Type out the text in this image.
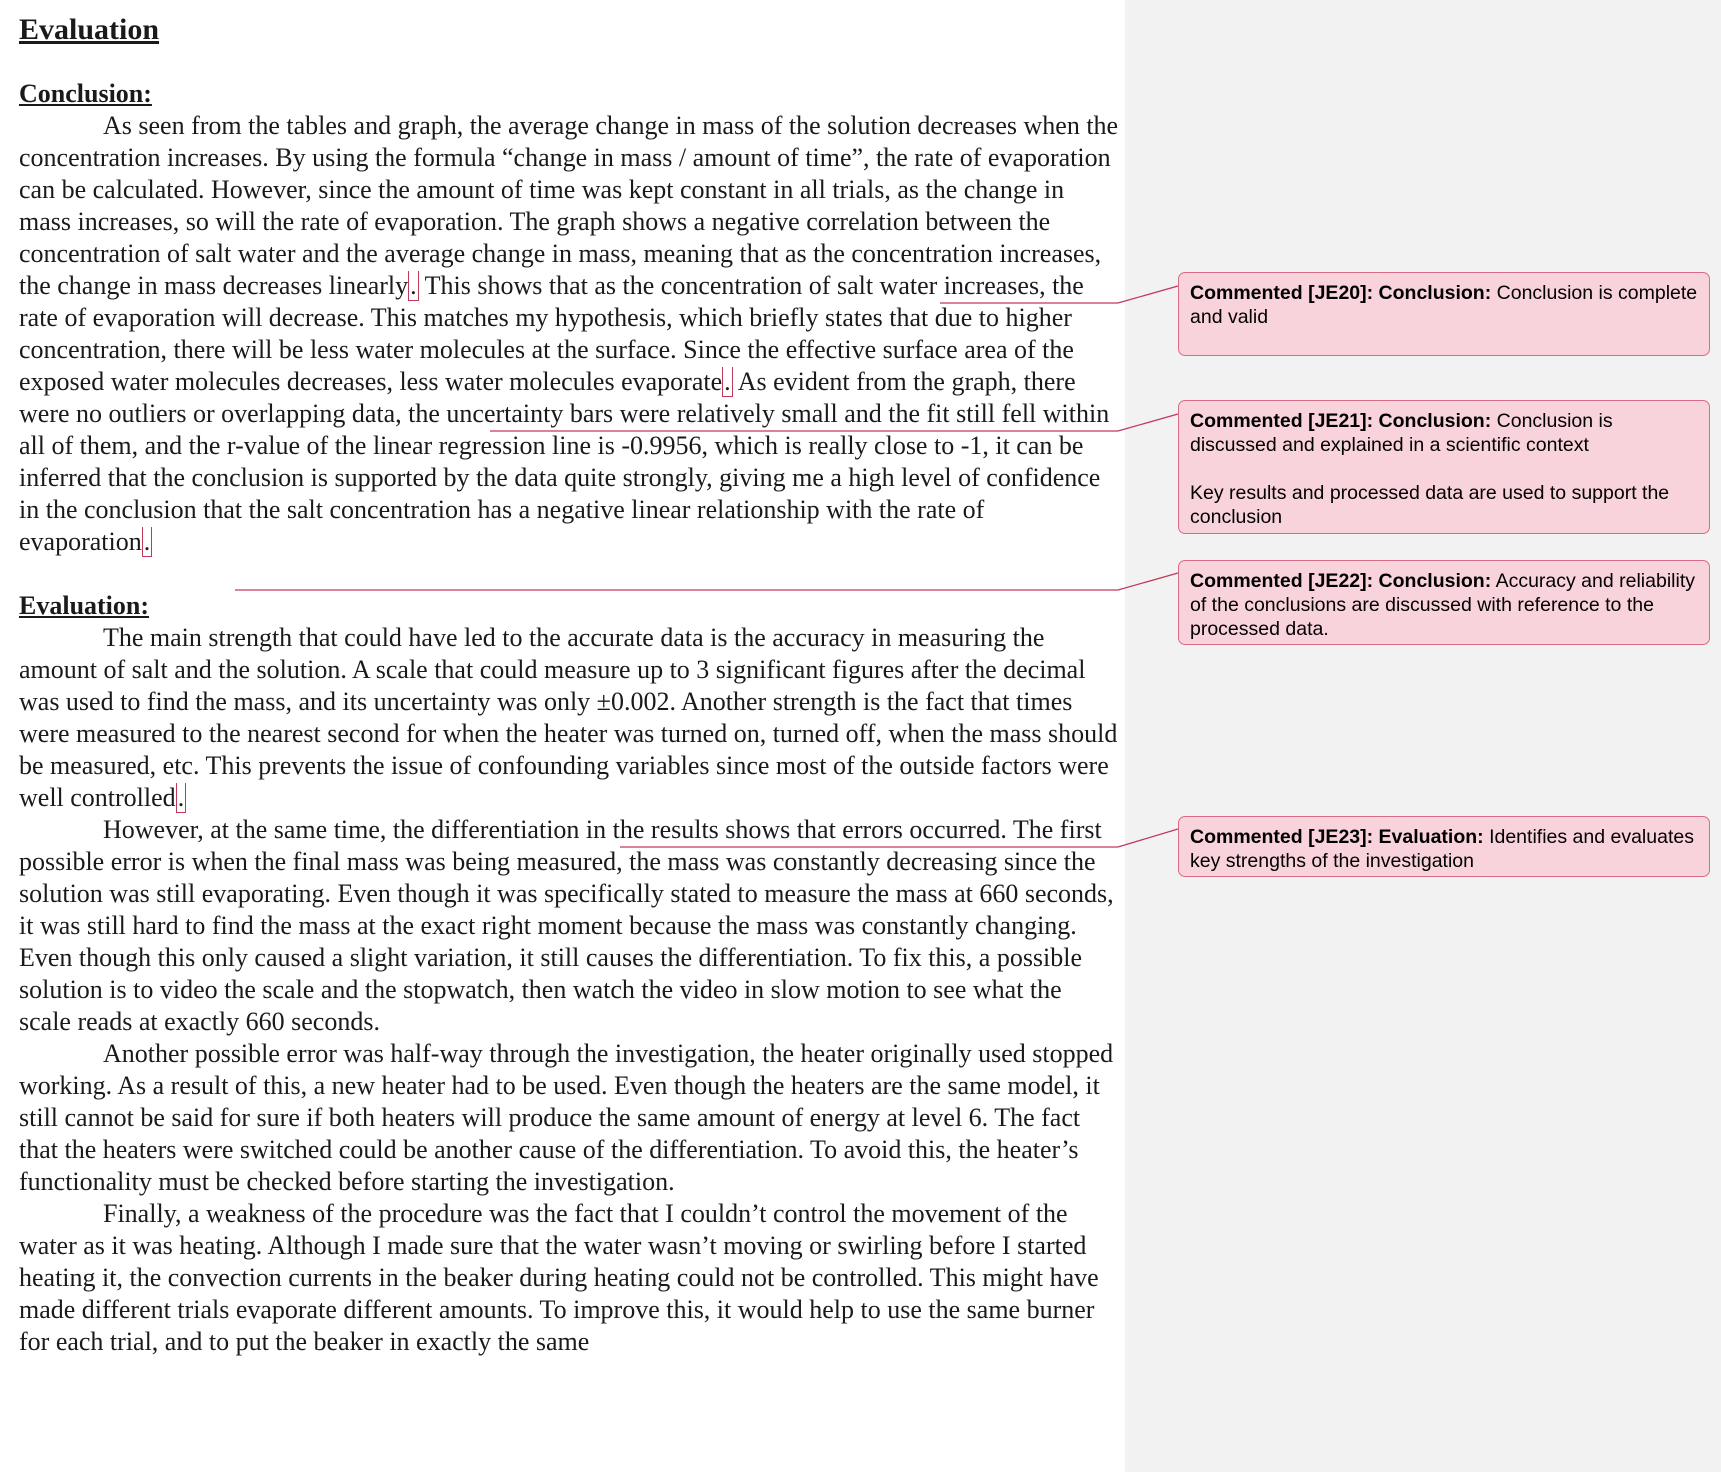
Evaluation
Conclusion:

As seen from the tables and graph, the average change in mass of the solution decreases when the concentration increases. By using the formula “change in mass / amount of time”, the rate of evaporation can be calculated. However, since the amount of time was kept constant in all trials, as the change in mass increases, so will the rate of evaporation. The graph shows a negative correlation between the concentration of salt water and the average change in mass, meaning that as the concentration increases, the change in mass decreases linearly. This shows that as the concentration of salt water increases, the rate of evaporation will decrease. This matches my hypothesis, which briefly states that due to higher concentration, there will be less water molecules at the surface. Since the effective surface area of the exposed water molecules decreases, less water molecules evaporate. As evident from the graph, there were no outliers or overlapping data, the uncertainty bars were relatively small and the fit still fell within all of them, and the r-value of the linear regression line is -0.9956, which is really close to -1, it can be inferred that the conclusion is supported by the data quite strongly, giving me a high level of confidence in the conclusion that the salt concentration has a negative linear relationship with the rate of evaporation.

Evaluation:

The main strength that could have led to the accurate data is the accuracy in measuring the amount of salt and the solution. A scale that could measure up to 3 significant figures after the decimal was used to find the mass, and its uncertainty was only ±0.002. Another strength is the fact that times were measured to the nearest second for when the heater was turned on, turned off, when the mass should be measured, etc. This prevents the issue of confounding variables since most of the outside factors were well controlled.

However, at the same time, the differentiation in the results shows that errors occurred. The first possible error is when the final mass was being measured, the mass was constantly decreasing since the solution was still evaporating. Even though it was specifically stated to measure the mass at 660 seconds, it was still hard to find the mass at the exact right moment because the mass was constantly changing. Even though this only caused a slight variation, it still causes the differentiation. To fix this, a possible solution is to video the scale and the stopwatch, then watch the video in slow motion to see what the scale reads at exactly 660 seconds.

Another possible error was half-way through the investigation, the heater originally used stopped working. As a result of this, a new heater had to be used. Even though the heaters are the same model, it still cannot be said for sure if both heaters will produce the same amount of energy at level 6. The fact that the heaters were switched could be another cause of the differentiation. To avoid this, the heater’s functionality must be checked before starting the investigation.

Finally, a weakness of the procedure was the fact that I couldn’t control the movement of the water as it was heating. Although I made sure that the water wasn’t moving or swirling before I started heating it, the convection currents in the beaker during heating could not be controlled. This might have made different trials evaporate different amounts. To improve this, it would help to use the same burner for each trial, and to put the beaker in exactly the same

Commented [JE20]: Conclusion: Conclusion is complete and valid
Commented [JE21]: Conclusion: Conclusion is discussed and explained in a scientific context
Key results and processed data are used to support the conclusion
Commented [JE22]: Conclusion: Accuracy and reliability of the conclusions are discussed with reference to the processed data.
Commented [JE23]: Evaluation: Identifies and evaluates key strengths of the investigation
